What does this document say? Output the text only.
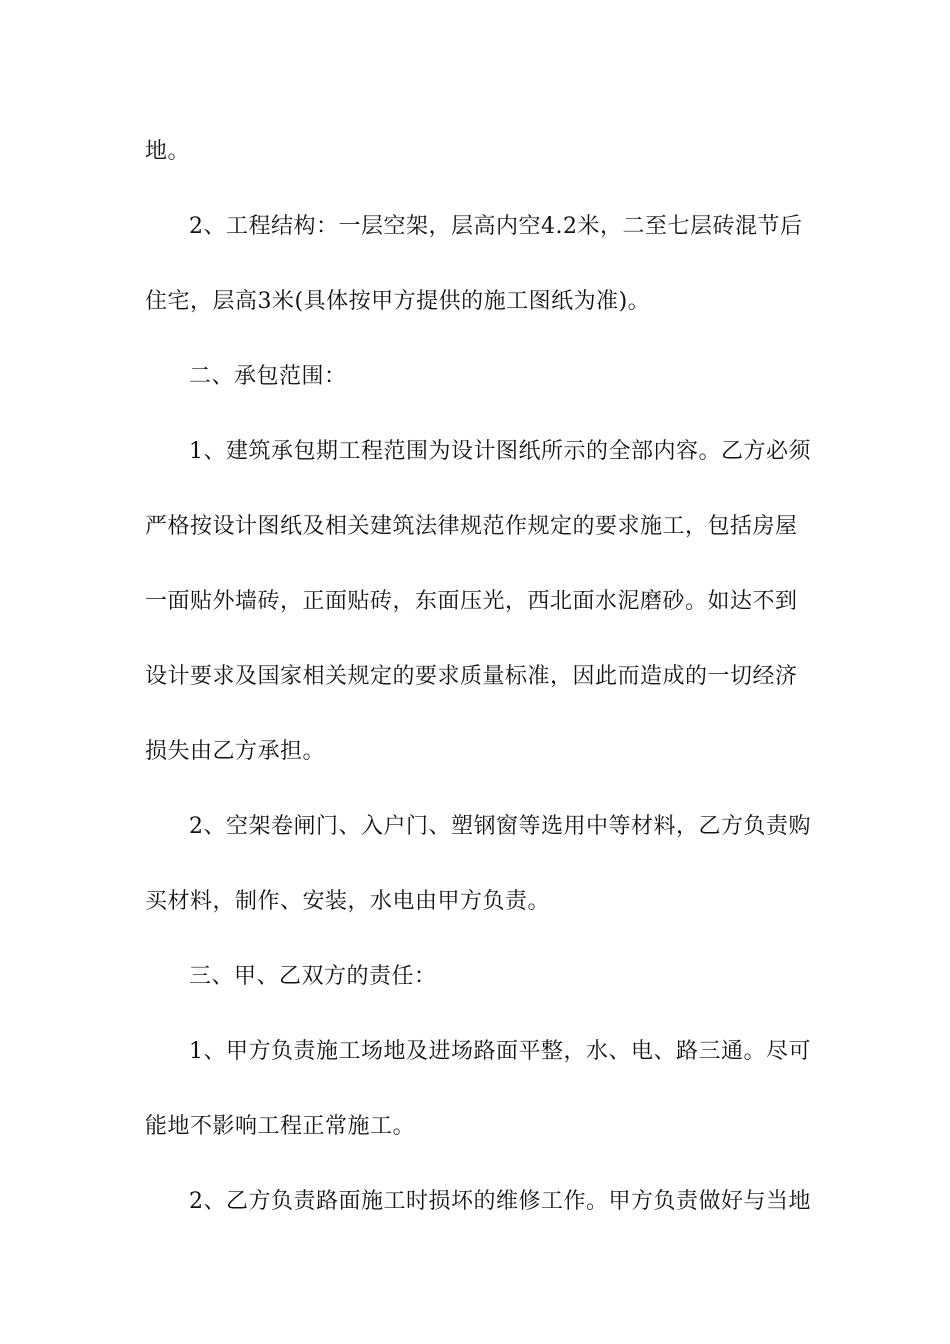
地。
2、工程结构：一层空架，层高内空4.2米，二至七层砖混节后
住宅，层高3米(具体按甲方提供的施工图纸为准)。
二、承包范围：
1、建筑承包期工程范围为设计图纸所示的全部内容。乙方必须
严格按设计图纸及相关建筑法律规范作规定的要求施工，包括房屋
一面贴外墙砖，正面贴砖，东面压光，西北面水泥磨砂。如达不到
设计要求及国家相关规定的要求质量标准，因此而造成的一切经济
损失由乙方承担。
2、空架卷闸门、入户门、塑钢窗等选用中等材料，乙方负责购
买材料，制作、安装，水电由甲方负责。
三、甲、乙双方的责任：
1、甲方负责施工场地及进场路面平整，水、电、路三通。尽可
能地不影响工程正常施工。
2、乙方负责路面施工时损坏的维修工作。甲方负责做好与当地
